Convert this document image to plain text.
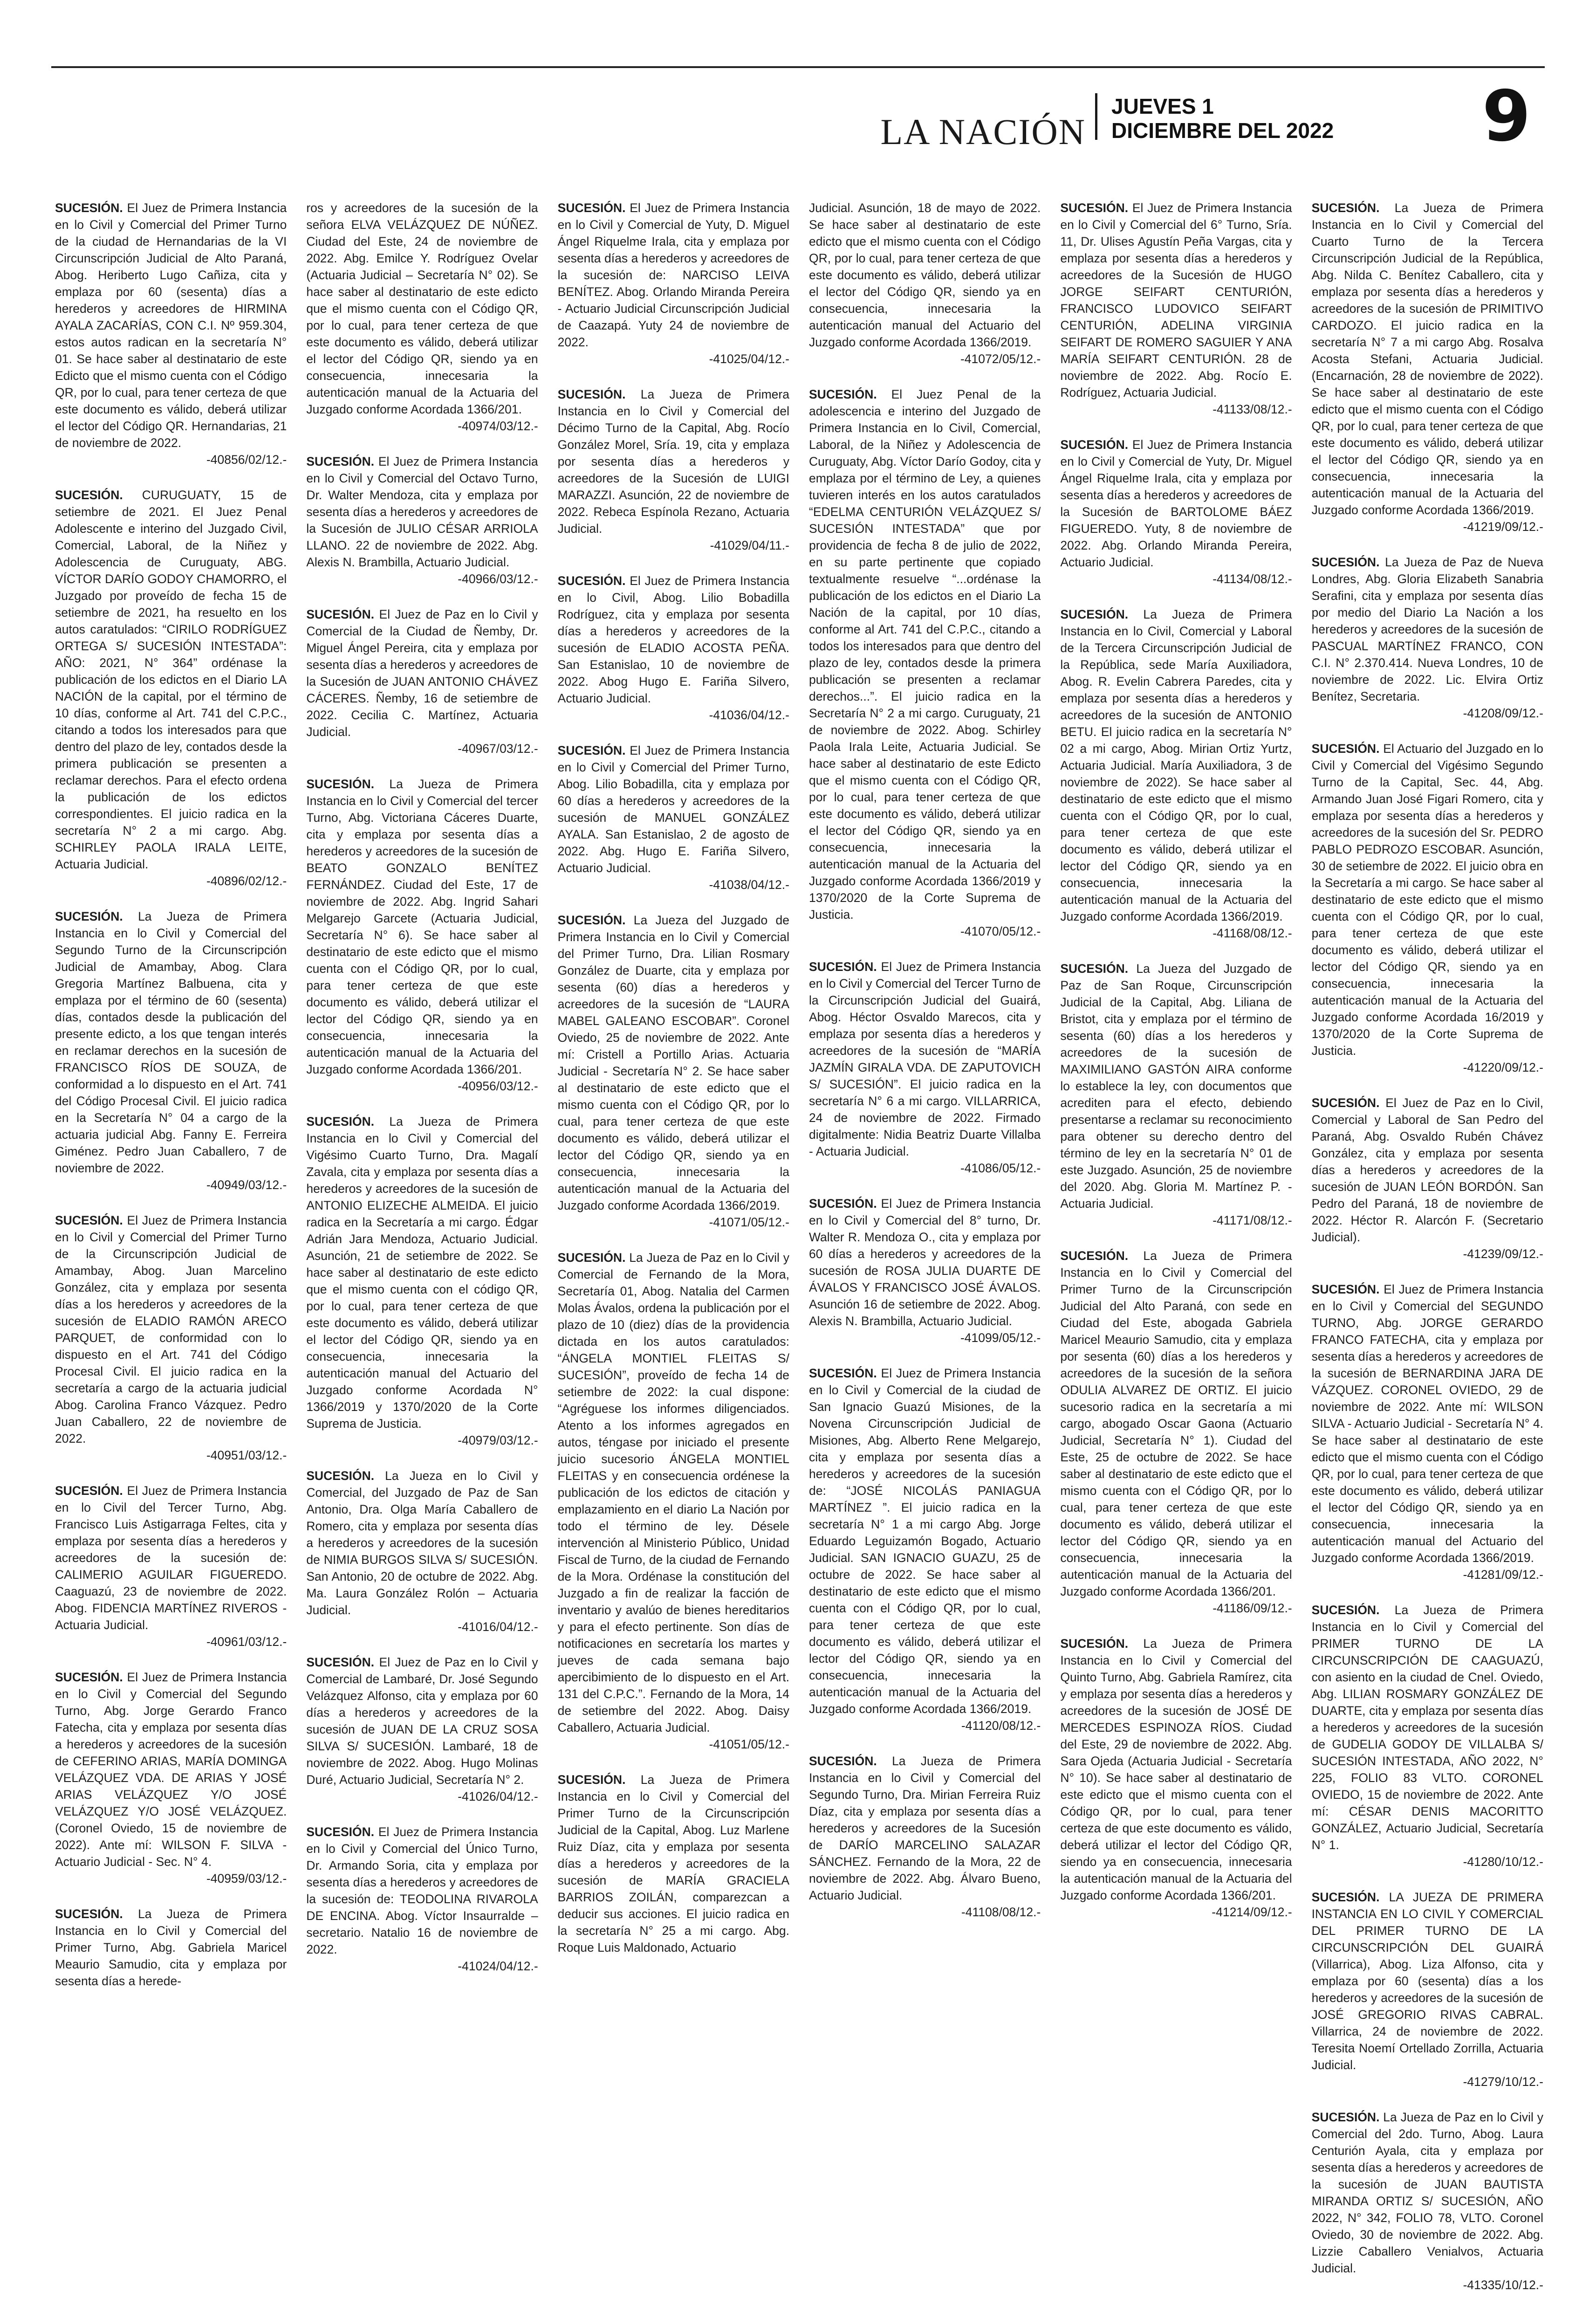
LA NACIÓN
JUEVES 1
DICIEMBRE DEL 2022 9

SUCESIÓN. El Juez de Primera Instancia en lo Civil y Comercial del Primer Turno de la ciudad de Hernandarias de la VI Circunscripción Judicial de Alto Paraná, Abog. Heriberto Lugo Cañiza, cita y emplaza por 60 (sesenta) días a herederos y acreedores de HIRMINA AYALA ZACARÍAS, CON C.I. Nº 959.304, estos autos radican en la secretaría N° 01. Se hace saber al destinatario de este Edicto que el mismo cuenta con el Código QR, por lo cual, para tener certeza de que este documento es válido, deberá utilizar el lector del Código QR. Hernandarias, 21 de noviembre de 2022.
-40856/02/12.-

SUCESIÓN. CURUGUATY, 15 de setiembre de 2021. El Juez Penal Adolescente e interino del Juzgado Civil, Comercial, Laboral, de la Niñez y Adolescencia de Curuguaty, ABG. VÍCTOR DARÍO GODOY CHAMORRO, el Juzgado por proveído de fecha 15 de setiembre de 2021, ha resuelto en los autos caratulados: “CIRILO RODRÍGUEZ ORTEGA S/ SUCESIÓN INTESTADA”: AÑO: 2021, N° 364” ordénase la publicación de los edictos en el Diario LA NACIÓN de la capital, por el término de 10 días, conforme al Art. 741 del C.P.C., citando a todos los interesados para que dentro del plazo de ley, contados desde la primera publicación se presenten a reclamar derechos. Para el efecto ordena la publicación de los edictos correspondientes. El juicio radica en la secretaría N° 2 a mi cargo. Abg. SCHIRLEY PAOLA IRALA LEITE, Actuaria Judicial.
-40896/02/12.-

SUCESIÓN. La Jueza de Primera Instancia en lo Civil y Comercial del Segundo Turno de la Circunscripción Judicial de Amambay, Abog. Clara Gregoria Martínez Balbuena, cita y emplaza por el término de 60 (sesenta) días, contados desde la publicación del presente edicto, a los que tengan interés en reclamar derechos en la sucesión de FRANCISCO RÍOS DE SOUZA, de conformidad a lo dispuesto en el Art. 741 del Código Procesal Civil. El juicio radica en la Secretaría N° 04 a cargo de la actuaria judicial Abg. Fanny E. Ferreira Giménez. Pedro Juan Caballero, 7 de noviembre de 2022.
-40949/03/12.-

SUCESIÓN. El Juez de Primera Instancia en lo Civil y Comercial del Primer Turno de la Circunscripción Judicial de Amambay, Abog. Juan Marcelino González, cita y emplaza por sesenta días a los herederos y acreedores de la sucesión de ELADIO RAMÓN ARECO PARQUET, de conformidad con lo dispuesto en el Art. 741 del Código Procesal Civil. El juicio radica en la secretaría a cargo de la actuaria judicial Abog. Carolina Franco Vázquez. Pedro Juan Caballero, 22 de noviembre de 2022.
-40951/03/12.-

SUCESIÓN. El Juez de Primera Instancia en lo Civil del Tercer Turno, Abg. Francisco Luis Astigarraga Feltes, cita y emplaza por sesenta días a herederos y acreedores de la sucesión de: CALIMERIO AGUILAR FIGUEREDO. Caaguazú, 23 de noviembre de 2022. Abog. FIDENCIA MARTÍNEZ RIVEROS - Actuaria Judicial.
-40961/03/12.-

SUCESIÓN. El Juez de Primera Instancia en lo Civil y Comercial del Segundo Turno, Abg. Jorge Gerardo Franco Fatecha, cita y emplaza por sesenta días a herederos y acreedores de la sucesión de CEFERINO ARIAS, MARÍA DOMINGA VELÁZQUEZ VDA. DE ARIAS Y JOSÉ ARIAS VELÁZQUEZ Y/O JOSÉ VELÁZQUEZ Y/O JOSÉ VELÁZQUEZ. (Coronel Oviedo, 15 de noviembre de 2022). Ante mí: WILSON F. SILVA - Actuario Judicial - Sec. N° 4.
-40959/03/12.-

SUCESIÓN. La Jueza de Primera Instancia en lo Civil y Comercial del Primer Turno, Abg. Gabriela Maricel Meaurio Samudio, cita y emplaza por sesenta días a herede-

ros y acreedores de la sucesión de la señora ELVA VELÁZQUEZ DE NÚÑEZ. Ciudad del Este, 24 de noviembre de 2022. Abg. Emilce Y. Rodríguez Ovelar (Actuaria Judicial – Secretaría N° 02). Se hace saber al destinatario de este edicto que el mismo cuenta con el Código QR, por lo cual, para tener certeza de que este documento es válido, deberá utilizar el lector del Código QR, siendo ya en consecuencia, innecesaria la autenticación manual de la Actuaria del Juzgado conforme Acordada 1366/201.
-40974/03/12.-

SUCESIÓN. El Juez de Primera Instancia en lo Civil y Comercial del Octavo Turno, Dr. Walter Mendoza, cita y emplaza por sesenta días a herederos y acreedores de la Sucesión de JULIO CÉSAR ARRIOLA LLANO. 22 de noviembre de 2022. Abg. Alexis N. Brambilla, Actuario Judicial.
-40966/03/12.-

SUCESIÓN. El Juez de Paz en lo Civil y Comercial de la Ciudad de Ñemby, Dr. Miguel Ángel Pereira, cita y emplaza por sesenta días a herederos y acreedores de la Sucesión de JUAN ANTONIO CHÁVEZ CÁCERES. Ñemby, 16 de setiembre de 2022. Cecilia C. Martínez, Actuaria Judicial.
-40967/03/12.-

SUCESIÓN. La Jueza de Primera Instancia en lo Civil y Comercial del tercer Turno, Abg. Victoriana Cáceres Duarte, cita y emplaza por sesenta días a herederos y acreedores de la sucesión de BEATO GONZALO BENÍTEZ FERNÁNDEZ. Ciudad del Este, 17 de noviembre de 2022. Abg. Ingrid Sahari Melgarejo Garcete (Actuaria Judicial, Secretaría N° 6). Se hace saber al destinatario de este edicto que el mismo cuenta con el Código QR, por lo cual, para tener certeza de que este documento es válido, deberá utilizar el lector del Código QR, siendo ya en consecuencia, innecesaria la autenticación manual de la Actuaria del Juzgado conforme Acordada 1366/201.
-40956/03/12.-

SUCESIÓN. La Jueza de Primera Instancia en lo Civil y Comercial del Vigésimo Cuarto Turno, Dra. Magalí Zavala, cita y emplaza por sesenta días a herederos y acreedores de la sucesión de ANTONIO ELIZECHE ALMEIDA. El juicio radica en la Secretaría a mi cargo. Édgar Adrián Jara Mendoza, Actuario Judicial. Asunción, 21 de setiembre de 2022. Se hace saber al destinatario de este edicto que el mismo cuenta con el código QR, por lo cual, para tener certeza de que este documento es válido, deberá utilizar el lector del Código QR, siendo ya en consecuencia, innecesaria la autenticación manual del Actuario del Juzgado conforme Acordada N° 1366/2019 y 1370/2020 de la Corte Suprema de Justicia.
-40979/03/12.-

SUCESIÓN. La Jueza en lo Civil y Comercial, del Juzgado de Paz de San Antonio, Dra. Olga María Caballero de Romero, cita y emplaza por sesenta días a herederos y acreedores de la sucesión de NIMIA BURGOS SILVA S/ SUCESIÓN. San Antonio, 20 de octubre de 2022. Abg. Ma. Laura González Rolón – Actuaria Judicial.
-41016/04/12.-

SUCESIÓN. El Juez de Paz en lo Civil y Comercial de Lambaré, Dr. José Segundo Velázquez Alfonso, cita y emplaza por 60 días a herederos y acreedores de la sucesión de JUAN DE LA CRUZ SOSA SILVA S/ SUCESIÓN. Lambaré, 18 de noviembre de 2022. Abog. Hugo Molinas Duré, Actuario Judicial, Secretaría N° 2.
-41026/04/12.-

SUCESIÓN. El Juez de Primera Instancia en lo Civil y Comercial del Único Turno, Dr. Armando Soria, cita y emplaza por sesenta días a herederos y acreedores de la sucesión de: TEODOLINA RIVAROLA DE ENCINA. Abog. Víctor Insaurralde – secretario. Natalio 16 de noviembre de 2022.
-41024/04/12.-

SUCESIÓN. El Juez de Primera Instancia en lo Civil y Comercial de Yuty, D. Miguel Ángel Riquelme Irala, cita y emplaza por sesenta días a herederos y acreedores de la sucesión de: NARCISO LEIVA BENÍTEZ. Abog. Orlando Miranda Pereira - Actuario Judicial Circunscripción Judicial de Caazapá. Yuty 24 de noviembre de 2022.
-41025/04/12.-

SUCESIÓN. La Jueza de Primera Instancia en lo Civil y Comercial del Décimo Turno de la Capital, Abg. Rocío González Morel, Sría. 19, cita y emplaza por sesenta días a herederos y acreedores de la Sucesión de LUIGI MARAZZI. Asunción, 22 de noviembre de 2022. Rebeca Espínola Rezano, Actuaria Judicial.
-41029/04/11.-

SUCESIÓN. El Juez de Primera Instancia en lo Civil, Abog. Lilio Bobadilla Rodríguez, cita y emplaza por sesenta días a herederos y acreedores de la sucesión de ELADIO ACOSTA PEÑA. San Estanislao, 10 de noviembre de 2022. Abog Hugo E. Fariña Silvero, Actuario Judicial.
-41036/04/12.-

SUCESIÓN. El Juez de Primera Instancia en lo Civil y Comercial del Primer Turno, Abog. Lilio Bobadilla, cita y emplaza por 60 días a herederos y acreedores de la sucesión de MANUEL GONZÁLEZ AYALA. San Estanislao, 2 de agosto de 2022. Abg. Hugo E. Fariña Silvero, Actuario Judicial.
-41038/04/12.-

SUCESIÓN. La Jueza del Juzgado de Primera Instancia en lo Civil y Comercial del Primer Turno, Dra. Lilian Rosmary González de Duarte, cita y emplaza por sesenta (60) días a herederos y acreedores de la sucesión de “LAURA MABEL GALEANO ESCOBAR”. Coronel Oviedo, 25 de noviembre de 2022. Ante mí: Cristell a Portillo Arias. Actuaria Judicial - Secretaría N° 2. Se hace saber al destinatario de este edicto que el mismo cuenta con el Código QR, por lo cual, para tener certeza de que este documento es válido, deberá utilizar el lector del Código QR, siendo ya en consecuencia, innecesaria la autenticación manual de la Actuaria del Juzgado conforme Acordada 1366/2019.
-41071/05/12.-

SUCESIÓN. La Jueza de Paz en lo Civil y Comercial de Fernando de la Mora, Secretaría 01, Abog. Natalia del Carmen Molas Ávalos, ordena la publicación por el plazo de 10 (diez) días de la providencia dictada en los autos caratulados: “ÁNGELA MONTIEL FLEITAS S/ SUCESIÓN”, proveído de fecha 14 de setiembre de 2022: la cual dispone: “Agréguese los informes diligenciados. Atento a los informes agregados en autos, téngase por iniciado el presente juicio sucesorio ÁNGELA MONTIEL FLEITAS y en consecuencia ordénese la publicación de los edictos de citación y emplazamiento en el diario La Nación por todo el término de ley. Désele intervención al Ministerio Público, Unidad Fiscal de Turno, de la ciudad de Fernando de la Mora. Ordénase la constitución del Juzgado a fin de realizar la facción de inventario y avalúo de bienes hereditarios y para el efecto pertinente. Son días de notificaciones en secretaría los martes y jueves de cada semana bajo apercibimiento de lo dispuesto en el Art. 131 del C.P.C.”. Fernando de la Mora, 14 de setiembre del 2022. Abog. Daisy Caballero, Actuaria Judicial.
-41051/05/12.-

SUCESIÓN. La Jueza de Primera Instancia en lo Civil y Comercial del Primer Turno de la Circunscripción Judicial de la Capital, Abog. Luz Marlene Ruiz Díaz, cita y emplaza por sesenta días a herederos y acreedores de la sucesión de MARÍA GRACIELA BARRIOS ZOILÁN, comparezcan a deducir sus acciones. El juicio radica en la secretaría N° 25 a mi cargo. Abg. Roque Luis Maldonado, Actuario

Judicial. Asunción, 18 de mayo de 2022. Se hace saber al destinatario de este edicto que el mismo cuenta con el Código QR, por lo cual, para tener certeza de que este documento es válido, deberá utilizar el lector del Código QR, siendo ya en consecuencia, innecesaria la autenticación manual del Actuario del Juzgado conforme Acordada 1366/2019.
-41072/05/12.-

SUCESIÓN. El Juez Penal de la adolescencia e interino del Juzgado de Primera Instancia en lo Civil, Comercial, Laboral, de la Niñez y Adolescencia de Curuguaty, Abg. Víctor Darío Godoy, cita y emplaza por el término de Ley, a quienes tuvieren interés en los autos caratulados “EDELMA CENTURIÓN VELÁZQUEZ S/ SUCESIÓN INTESTADA” que por providencia de fecha 8 de julio de 2022, en su parte pertinente que copiado textualmente resuelve “...ordénase la publicación de los edictos en el Diario La Nación de la capital, por 10 días, conforme al Art. 741 del C.P.C., citando a todos los interesados para que dentro del plazo de ley, contados desde la primera publicación se presenten a reclamar derechos...”. El juicio radica en la Secretaría N° 2 a mi cargo. Curuguaty, 21 de noviembre de 2022. Abog. Schirley Paola Irala Leite, Actuaria Judicial. Se hace saber al destinatario de este Edicto que el mismo cuenta con el Código QR, por lo cual, para tener certeza de que este documento es válido, deberá utilizar el lector del Código QR, siendo ya en consecuencia, innecesaria la autenticación manual de la Actuaria del Juzgado conforme Acordada 1366/2019 y 1370/2020 de la Corte Suprema de Justicia.
-41070/05/12.-

SUCESIÓN. El Juez de Primera Instancia en lo Civil y Comercial del Tercer Turno de la Circunscripción Judicial del Guairá, Abog. Héctor Osvaldo Marecos, cita y emplaza por sesenta días a herederos y acreedores de la sucesión de “MARÍA JAZMÍN GIRALA VDA. DE ZAPUTOVICH S/ SUCESIÓN”. El juicio radica en la secretaría N° 6 a mi cargo. VILLARRICA, 24 de noviembre de 2022. Firmado digitalmente: Nidia Beatriz Duarte Villalba - Actuaria Judicial.
-41086/05/12.-

SUCESIÓN. El Juez de Primera Instancia en lo Civil y Comercial del 8° turno, Dr. Walter R. Mendoza O., cita y emplaza por 60 días a herederos y acreedores de la sucesión de ROSA JULIA DUARTE DE ÁVALOS Y FRANCISCO JOSÉ ÁVALOS. Asunción 16 de setiembre de 2022. Abog. Alexis N. Brambilla, Actuario Judicial.
-41099/05/12.-

SUCESIÓN. El Juez de Primera Instancia en lo Civil y Comercial de la ciudad de San Ignacio Guazú Misiones, de la Novena Circunscripción Judicial de Misiones, Abg. Alberto Rene Melgarejo, cita y emplaza por sesenta días a herederos y acreedores de la sucesión de: “JOSÉ NICOLÁS PANIAGUA MARTÍNEZ ”. El juicio radica en la secretaría N° 1 a mi cargo Abg. Jorge Eduardo Leguizamón Bogado, Actuario Judicial. SAN IGNACIO GUAZU, 25 de octubre de 2022. Se hace saber al destinatario de este edicto que el mismo cuenta con el Código QR, por lo cual, para tener certeza de que este documento es válido, deberá utilizar el lector del Código QR, siendo ya en consecuencia, innecesaria la autenticación manual de la Actuaria del Juzgado conforme Acordada 1366/2019.
-41120/08/12.-

SUCESIÓN. La Jueza de Primera Instancia en lo Civil y Comercial del Segundo Turno, Dra. Mirian Ferreira Ruiz Díaz, cita y emplaza por sesenta días a herederos y acreedores de la Sucesión de DARÍO MARCELINO SALAZAR SÁNCHEZ. Fernando de la Mora, 22 de noviembre de 2022. Abg. Álvaro Bueno, Actuario Judicial.
-41108/08/12.-

SUCESIÓN. El Juez de Primera Instancia en lo Civil y Comercial del 6° Turno, Sría. 11, Dr. Ulises Agustín Peña Vargas, cita y emplaza por sesenta días a herederos y acreedores de la Sucesión de HUGO JORGE SEIFART CENTURIÓN, FRANCISCO LUDOVICO SEIFART CENTURIÓN, ADELINA VIRGINIA SEIFART DE ROMERO SAGUIER Y ANA MARÍA SEIFART CENTURIÓN. 28 de noviembre de 2022. Abg. Rocío E. Rodríguez, Actuaria Judicial.
-41133/08/12.-

SUCESIÓN. El Juez de Primera Instancia en lo Civil y Comercial de Yuty, Dr. Miguel Ángel Riquelme Irala, cita y emplaza por sesenta días a herederos y acreedores de la Sucesión de BARTOLOME BÁEZ FIGUEREDO. Yuty, 8 de noviembre de 2022. Abg. Orlando Miranda Pereira, Actuario Judicial.
-41134/08/12.-

SUCESIÓN. La Jueza de Primera Instancia en lo Civil, Comercial y Laboral de la Tercera Circunscripción Judicial de la República, sede María Auxiliadora, Abog. R. Evelin Cabrera Paredes, cita y emplaza por sesenta días a herederos y acreedores de la sucesión de ANTONIO BETU. El juicio radica en la secretaría N° 02 a mi cargo, Abog. Mirian Ortiz Yurtz, Actuaria Judicial. María Auxiliadora, 3 de noviembre de 2022). Se hace saber al destinatario de este edicto que el mismo cuenta con el Código QR, por lo cual, para tener certeza de que este documento es válido, deberá utilizar el lector del Código QR, siendo ya en consecuencia, innecesaria la autenticación manual de la Actuaria del Juzgado conforme Acordada 1366/2019.
-41168/08/12.-

SUCESIÓN. La Jueza del Juzgado de Paz de San Roque, Circunscripción Judicial de la Capital, Abg. Liliana de Bristot, cita y emplaza por el término de sesenta (60) días a los herederos y acreedores de la sucesión de MAXIMILIANO GASTÓN AIRA conforme lo establece la ley, con documentos que acrediten para el efecto, debiendo presentarse a reclamar su reconocimiento para obtener su derecho dentro del término de ley en la secretaría N° 01 de este Juzgado. Asunción, 25 de noviembre del 2020. Abg. Gloria M. Martínez P. - Actuaria Judicial.
-41171/08/12.-

SUCESIÓN. La Jueza de Primera Instancia en lo Civil y Comercial del Primer Turno de la Circunscripción Judicial del Alto Paraná, con sede en Ciudad del Este, abogada Gabriela Maricel Meaurio Samudio, cita y emplaza por sesenta (60) días a los herederos y acreedores de la sucesión de la señora ODULIA ALVAREZ DE ORTIZ. El juicio sucesorio radica en la secretaría a mi cargo, abogado Oscar Gaona (Actuario Judicial, Secretaría N° 1). Ciudad del Este, 25 de octubre de 2022. Se hace saber al destinatario de este edicto que el mismo cuenta con el Código QR, por lo cual, para tener certeza de que este documento es válido, deberá utilizar el lector del Código QR, siendo ya en consecuencia, innecesaria la autenticación manual de la Actuaria del Juzgado conforme Acordada 1366/201.
-41186/09/12.-

SUCESIÓN. La Jueza de Primera Instancia en lo Civil y Comercial del Quinto Turno, Abg. Gabriela Ramírez, cita y emplaza por sesenta días a herederos y acreedores de la sucesión de JOSÉ DE MERCEDES ESPINOZA RÍOS. Ciudad del Este, 29 de noviembre de 2022. Abg. Sara Ojeda (Actuaria Judicial - Secretaría N° 10). Se hace saber al destinatario de este edicto que el mismo cuenta con el Código QR, por lo cual, para tener certeza de que este documento es válido, deberá utilizar el lector del Código QR, siendo ya en consecuencia, innecesaria la autenticación manual de la Actuaria del Juzgado conforme Acordada 1366/201.
-41214/09/12.-

SUCESIÓN. La Jueza de Primera Instancia en lo Civil y Comercial del Cuarto Turno de la Tercera Circunscripción Judicial de la República, Abg. Nilda C. Benítez Caballero, cita y emplaza por sesenta días a herederos y acreedores de la sucesión de PRIMITIVO CARDOZO. El juicio radica en la secretaría N° 7 a mi cargo Abg. Rosalva Acosta Stefani, Actuaria Judicial. (Encarnación, 28 de noviembre de 2022). Se hace saber al destinatario de este edicto que el mismo cuenta con el Código QR, por lo cual, para tener certeza de que este documento es válido, deberá utilizar el lector del Código QR, siendo ya en consecuencia, innecesaria la autenticación manual de la Actuaria del Juzgado conforme Acordada 1366/2019.
-41219/09/12.-

SUCESIÓN. La Jueza de Paz de Nueva Londres, Abg. Gloria Elizabeth Sanabria Serafini, cita y emplaza por sesenta días por medio del Diario La Nación a los herederos y acreedores de la sucesión de PASCUAL MARTÍNEZ FRANCO, CON C.I. N° 2.370.414. Nueva Londres, 10 de noviembre de 2022. Lic. Elvira Ortiz Benítez, Secretaria.
-41208/09/12.-

SUCESIÓN. El Actuario del Juzgado en lo Civil y Comercial del Vigésimo Segundo Turno de la Capital, Sec. 44, Abg. Armando Juan José Figari Romero, cita y emplaza por sesenta días a herederos y acreedores de la sucesión del Sr. PEDRO PABLO PEDROZO ESCOBAR. Asunción, 30 de setiembre de 2022. El juicio obra en la Secretaría a mi cargo. Se hace saber al destinatario de este edicto que el mismo cuenta con el Código QR, por lo cual, para tener certeza de que este documento es válido, deberá utilizar el lector del Código QR, siendo ya en consecuencia, innecesaria la autenticación manual de la Actuaria del Juzgado conforme Acordada 16/2019 y 1370/2020 de la Corte Suprema de Justicia.
-41220/09/12.-

SUCESIÓN. El Juez de Paz en lo Civil, Comercial y Laboral de San Pedro del Paraná, Abg. Osvaldo Rubén Chávez González, cita y emplaza por sesenta días a herederos y acreedores de la sucesión de JUAN LEÓN BORDÓN. San Pedro del Paraná, 18 de noviembre de 2022. Héctor R. Alarcón F. (Secretario Judicial).
-41239/09/12.-

SUCESIÓN. El Juez de Primera Instancia en lo Civil y Comercial del SEGUNDO TURNO, Abg. JORGE GERARDO FRANCO FATECHA, cita y emplaza por sesenta días a herederos y acreedores de la sucesión de BERNARDINA JARA DE VÁZQUEZ. CORONEL OVIEDO, 29 de noviembre de 2022. Ante mí: WILSON SILVA - Actuario Judicial - Secretaría N° 4. Se hace saber al destinatario de este edicto que el mismo cuenta con el Código QR, por lo cual, para tener certeza de que este documento es válido, deberá utilizar el lector del Código QR, siendo ya en consecuencia, innecesaria la autenticación manual del Actuario del Juzgado conforme Acordada 1366/2019.
-41281/09/12.-

SUCESIÓN. La Jueza de Primera Instancia en lo Civil y Comercial del PRIMER TURNO DE LA CIRCUNSCRIPCIÓN DE CAAGUAZÚ, con asiento en la ciudad de Cnel. Oviedo, Abg. LILIAN ROSMARY GONZÁLEZ DE DUARTE, cita y emplaza por sesenta días a herederos y acreedores de la sucesión de GUDELIA GODOY DE VILLALBA S/ SUCESIÓN INTESTADA, AÑO 2022, N° 225, FOLIO 83 VLTO. CORONEL OVIEDO, 15 de noviembre de 2022. Ante mí: CÉSAR DENIS MACORITTO GONZÁLEZ, Actuario Judicial, Secretaría N° 1.
-41280/10/12.-

SUCESIÓN. LA JUEZA DE PRIMERA INSTANCIA EN LO CIVIL Y COMERCIAL DEL PRIMER TURNO DE LA CIRCUNSCRIPCIÓN DEL GUAIRÁ (Villarrica), Abog. Liza Alfonso, cita y emplaza por 60 (sesenta) días a los herederos y acreedores de la sucesión de JOSÉ GREGORIO RIVAS CABRAL. Villarrica, 24 de noviembre de 2022. Teresita Noemí Ortellado Zorrilla, Actuaria Judicial.
-41279/10/12.-

SUCESIÓN. La Jueza de Paz en lo Civil y Comercial del 2do. Turno, Abog. Laura Centurión Ayala, cita y emplaza por sesenta días a herederos y acreedores de la sucesión de JUAN BAUTISTA MIRANDA ORTIZ S/ SUCESIÓN, AÑO 2022, N° 342, FOLIO 78, VLTO. Coronel Oviedo, 30 de noviembre de 2022. Abg. Lizzie Caballero Venialvos, Actuaria Judicial.
-41335/10/12.-
